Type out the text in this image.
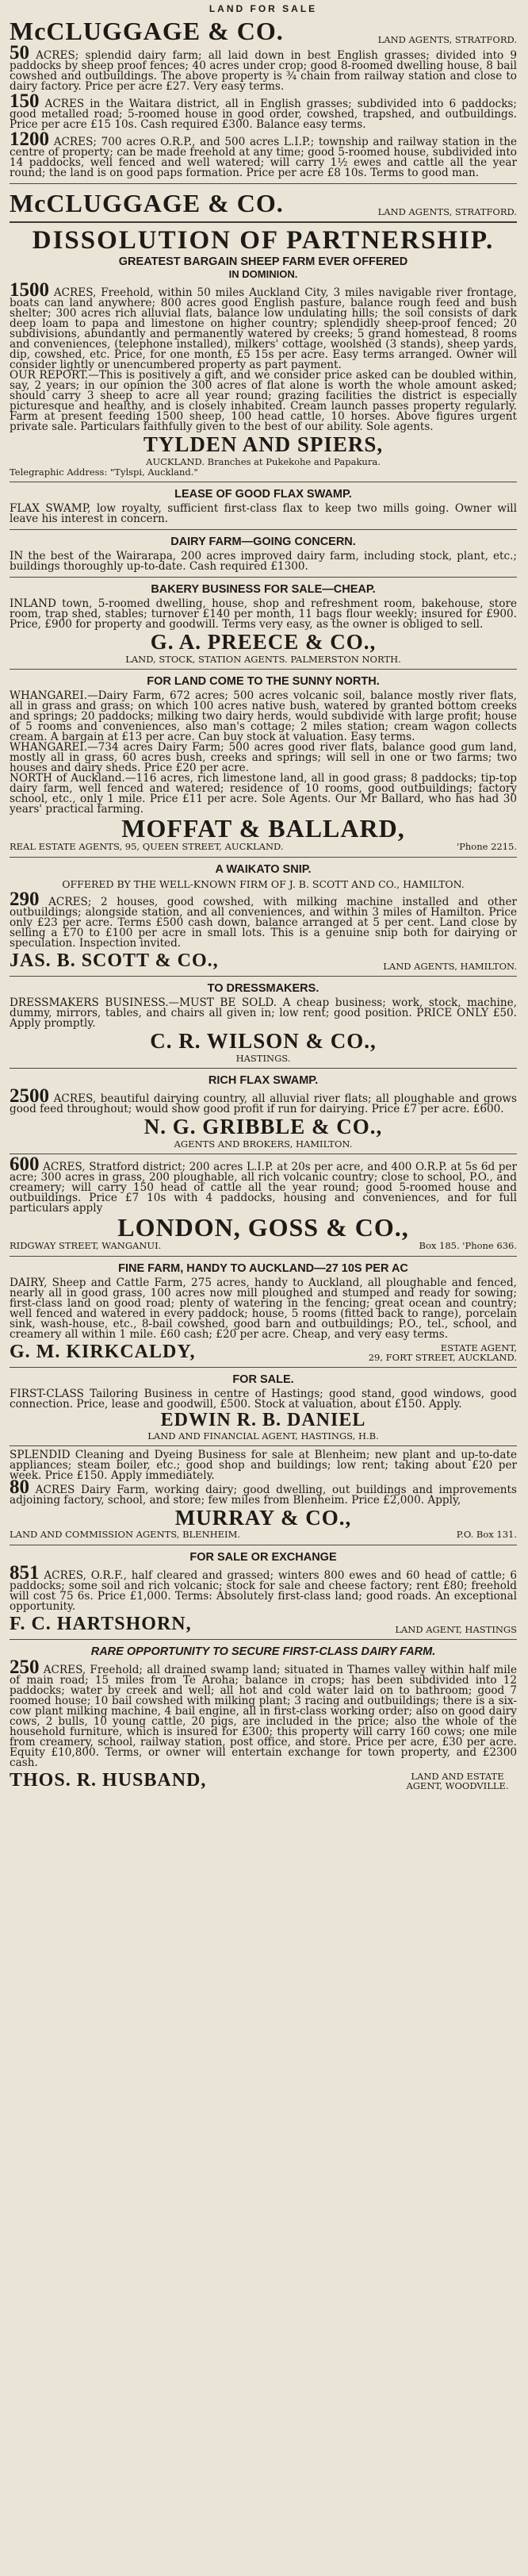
LAND FOR SALE
McCLUGGAGE & CO.	LAND AGENTS, STRATFORD.

50 ACRES; splendid dairy farm; all laid down in best English grasses; divided into 9 paddocks by sheep proof fences; 40 acres under crop; good 8-roomed dwelling house, 8 bail cowshed and outbuildings. The above property is ¾ chain from railway station and close to dairy factory. Price per acre £27. Very easy terms.

150 ACRES in the Waitara district, all in English grasses; subdivided into 6 paddocks; good metalled road; 5-roomed house in good order, cowshed, trapshed, and outbuildings. Price per acre £15 10s. Cash required £300. Balance easy terms.

1200 ACRES; 700 acres O.R.P., and 500 acres L.I.P.; township and railway station in the centre of property; can be made freehold at any time; good 5-roomed house, subdivided into 14 paddocks, well fenced and well watered; will carry 1½ ewes and cattle all the year round; the land is on good paps formation. Price per acre £8 10s. Terms to good man.

McCLUGGAGE & CO.	LAND AGENTS, STRATFORD.
DISSOLUTION OF PARTNERSHIP.
GREATEST BARGAIN SHEEP FARM EVER OFFERED
IN DOMINION.

1500 ACRES, Freehold, within 50 miles Auckland City, 3 miles navigable river frontage, boats can land anywhere; 800 acres good English pasture, balance rough feed and bush shelter; 300 acres rich alluvial flats, balance low undulating hills; the soil consists of dark deep loam to papa and limestone on higher country; splendidly sheep-proof fenced; 20 subdivisions, abundantly and permanently watered by creeks; 5 grand homestead, 8 rooms and conveniences, (telephone installed), milkers' cottage, woolshed (3 stands), sheep yards, dip, cowshed, etc. Price, for one month, £5 15s per acre. Easy terms arranged. Owner will consider lightly or unencumbered property as part payment.

OUR REPORT.—This is positively a gift, and we consider price asked can be doubled within, say, 2 years; in our opinion the 300 acres of flat alone is worth the whole amount asked; should carry 3 sheep to acre all year round; grazing facilities the district is especially picturesque and healthy, and is closely inhabited. Cream launch passes property regularly. Farm at present feeding 1500 sheep, 100 head cattle, 10 horses. Above figures urgent private sale. Particulars faithfully given to the best of our ability. Sole agents.

TYLDEN AND SPIERS,
AUCKLAND. Branches at Pukekohe and Papakura.
Telegraphic Address: "Tylspi, Auckland."
LEASE OF GOOD FLAX SWAMP.

FLAX SWAMP, low royalty, sufficient first-class flax to keep two mills going. Owner will leave his interest in concern.

DAIRY FARM—GOING CONCERN.

IN the best of the Wairarapa, 200 acres improved dairy farm, including stock, plant, etc.; buildings thoroughly up-to-date. Cash required £1300.

BAKERY BUSINESS FOR SALE—CHEAP.

INLAND town, 5-roomed dwelling, house, shop and refreshment room, bakehouse, store room, trap shed, stables; turnover £140 per month, 11 bags flour weekly; insured for £900. Price, £900 for property and goodwill. Terms very easy, as the owner is obliged to sell.

G. A. PREECE & CO.,
LAND, STOCK, STATION AGENTS. PALMERSTON NORTH.
FOR LAND COME TO THE SUNNY NORTH.

WHANGAREI.—Dairy Farm, 672 acres; 500 acres volcanic soil, balance mostly river flats, all in grass and grass; on which 100 acres native bush, watered by granted bottom creeks and springs; 20 paddocks; milking two dairy herds, would subdivide with large profit; house of 5 rooms and conveniences, also man's cottage; 2 miles station; cream wagon collects cream. A bargain at £13 per acre. Can buy stock at valuation. Easy terms.

WHANGAREI.—734 acres Dairy Farm; 500 acres good river flats, balance good gum land, mostly all in grass, 60 acres bush, creeks and springs; will sell in one or two farms; two houses and dairy sheds. Price £20 per acre.

NORTH of Auckland.—116 acres, rich limestone land, all in good grass; 8 paddocks; tip-top dairy farm, well fenced and watered; residence of 10 rooms, good outbuildings; factory school, etc., only 1 mile. Price £11 per acre. Sole Agents. Our Mr Ballard, who has had 30 years' practical farming.

MOFFAT & BALLARD,
REAL ESTATE AGENTS, 95, QUEEN STREET, AUCKLAND.	'Phone 2215.
A WAIKATO SNIP.
OFFERED BY THE WELL-KNOWN FIRM OF J. B. SCOTT AND CO., HAMILTON.

290 ACRES; 2 houses, good cowshed, with milking machine installed and other outbuildings; alongside station, and all conveniences, and within 3 miles of Hamilton. Price only £23 per acre. Terms £500 cash down, balance arranged at 5 per cent. Land close by selling a £70 to £100 per acre in small lots. This is a genuine snip both for dairying or speculation. Inspection invited.

JAS. B. SCOTT & CO.,	LAND AGENTS, HAMILTON.
TO DRESSMAKERS.

DRESSMAKERS BUSINESS.—MUST BE SOLD. A cheap business; work, stock, machine, dummy, mirrors, tables, and chairs all given in; low rent; good position. PRICE ONLY £50. Apply promptly.

C. R. WILSON & CO.,
HASTINGS.
RICH FLAX SWAMP.

2500 ACRES, beautiful dairying country, all alluvial river flats; all ploughable and grows good feed throughout; would show good profit if run for dairying. Price £7 per acre. £600.

N. G. GRIBBLE & CO.,
AGENTS AND BROKERS, HAMILTON.

600 ACRES, Stratford district; 200 acres L.I.P. at 20s per acre, and 400 O.R.P. at 5s 6d per acre; 300 acres in grass, 200 ploughable, all rich volcanic country; close to school, P.O., and creamery; will carry 150 head of cattle all the year round; good 5-roomed house and outbuildings. Price £7 10s with 4 paddocks, housing and conveniences, and for full particulars apply

LONDON, GOSS & CO.,
RIDGWAY STREET, WANGANUI.	Box 185. 'Phone 636.
FINE FARM, HANDY TO AUCKLAND—27 10S PER AC

DAIRY, Sheep and Cattle Farm, 275 acres, handy to Auckland, all ploughable and fenced, nearly all in good grass, 100 acres now mill ploughed and stumped and ready for sowing; first-class land on good road; plenty of watering in the fencing; great ocean and country; well fenced and watered in every paddock; house, 5 rooms (fitted back to range), porcelain sink, wash-house, etc., 8-bail cowshed, good barn and outbuildings; P.O., tel., school, and creamery all within 1 mile. £60 cash; £20 per acre. Cheap, and very easy terms.

G. M. KIRKCALDY,	ESTATE AGENT,
29, FORT STREET, AUCKLAND.
FOR SALE.

FIRST-CLASS Tailoring Business in centre of Hastings; good stand, good windows, good connection. Price, lease and goodwill, £500. Stock at valuation, about £150. Apply.

EDWIN R. B. DANIEL
LAND AND FINANCIAL AGENT, HASTINGS, H.B.

SPLENDID Cleaning and Dyeing Business for sale at Blenheim; new plant and up-to-date appliances; steam boiler, etc.; good shop and buildings; low rent; taking about £20 per week. Price £150. Apply immediately.

80 ACRES Dairy Farm, working dairy; good dwelling, out buildings and improvements adjoining factory, school, and store; few miles from Blenheim. Price £2,000. Apply,

MURRAY & CO.,
LAND AND COMMISSION AGENTS, BLENHEIM.	P.O. Box 131.
FOR SALE OR EXCHANGE

851 ACRES, O.R.F., half cleared and grassed; winters 800 ewes and 60 head of cattle; 6 paddocks; some soil and rich volcanic; stock for sale and cheese factory; rent £80; freehold will cost 75 6s. Price £1,000. Terms: Absolutely first-class land; good roads. An exceptional opportunity.

F. C. HARTSHORN,	LAND AGENT, HASTINGS
RARE OPPORTUNITY TO SECURE FIRST-CLASS DAIRY FARM.

250 ACRES, Freehold; all drained swamp land; situated in Thames valley within half mile of main road; 15 miles from Te Aroha; balance in crops; has been subdivided into 12 paddocks; water by creek and well; all hot and cold water laid on to bathroom; good 7 roomed house; 10 bail cowshed with milking plant; 3 racing and outbuildings; there is a six-cow plant milking machine, 4 bail engine, all in first-class working order; also on good dairy cows, 2 bulls, 10 young cattle, 20 pigs, are included in the price; also the whole of the household furniture, which is insured for £300; this property will carry 160 cows; one mile from creamery, school, railway station, post office, and store. Price per acre, £30 per acre. Equity £10,800. Terms, or owner will entertain exchange for town property, and £2300 cash.

THOS. R. HUSBAND,	LAND AND ESTATE AGENT, WOODVILLE.
